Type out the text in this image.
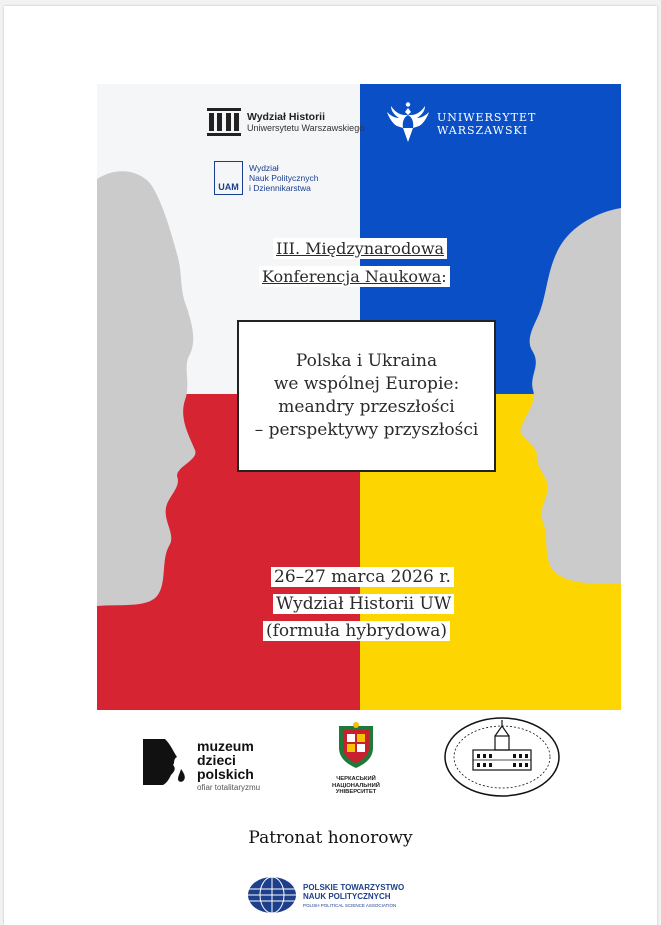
Wydział Historii
Uniwersytetu Warszawskiego
UAM
Wydział
Nauk Politycznych
i Dziennikarstwa
UNIWERSYTET
WARSZAWSKI
III. Międzynarodowa
Konferencja Naukowa:
Polska i Ukraina
we wspólnej Europie:
meandry przeszłości
– perspektywy przyszłości
26–27 marca 2026 r.
Wydział Historii UW
(formuła hybrydowa)
muzeum
dzieci
polskich
ofiar totalitaryzmu
ЧЕРКАСЬКИЙ
НАЦІОНАЛЬНИЙ
УНІВЕРСИТЕТ
Patronat honorowy
POLSKIE TOWARZYSTWO
NAUK POLITYCZNYCH
POLISH POLITICAL SCIENCE ASSOCIATION
